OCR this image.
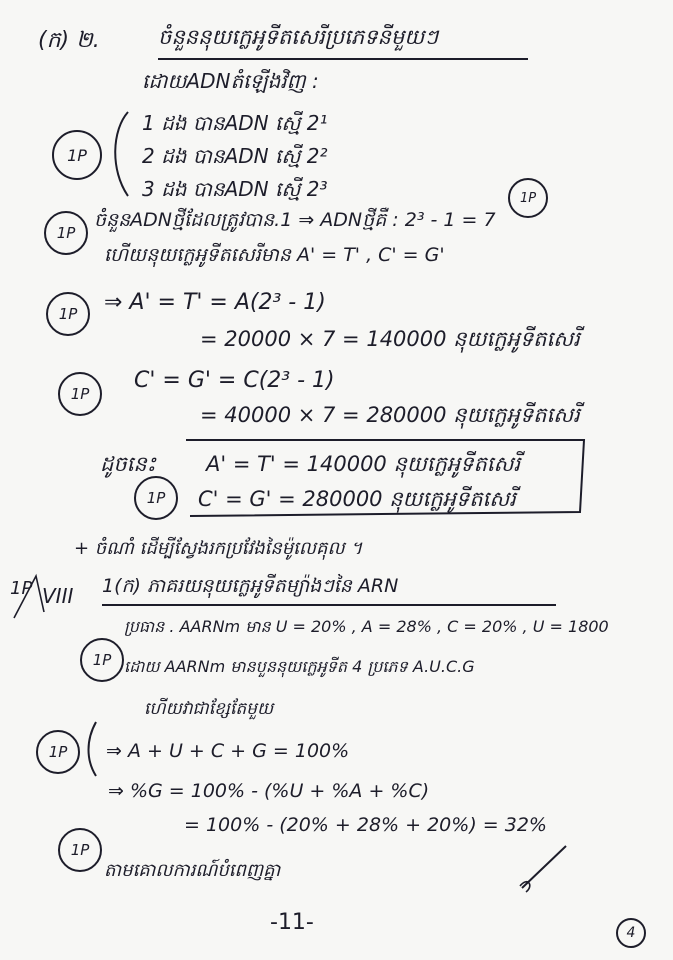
(ក) ២.	ចំនួននុយក្លេអូទីតសេរីប្រភេទនីមួយៗ
ដោយADNតំឡើងវិញ :
1P
1 ដង បានADN ស្មើ 2¹
2 ដង បានADN ស្មើ 2²
3 ដង បានADN ស្មើ 2³
1P
1P
ចំនួនADNថ្មីដែលត្រូវបាន.1 ⇒ ADNថ្មីគឺ : 2³ - 1 = 7
ហើយនុយក្លេអូទីតសេរីមាន A' = T' , C' = G'
1P	⇒ A' = T' = A(2³ - 1)
= 20000 × 7 = 140000 នុយក្លេអូទីតសេរី
1P
C' = G' = C(2³ - 1)
= 40000 × 7 = 280000 នុយក្លេអូទីតសេរី
ដូចនេះ
1P
A' = T' = 140000 នុយក្លេអូទីតសេរី
C' = G' = 280000 នុយក្លេអូទីតសេរី
+ ចំណាំ ដើម្បីស្វែងរកប្រវែងនៃម៉ូលេគុល ។
1P VIII 1(ក) ភាគរយនុយក្លេអូទីតម្យ៉ាងៗនៃ ARN
1P
ប្រធាន . AARNm មាន U = 20% , A = 28% , C = 20% , U = 1800
ដោយ AARNm មានបួននុយក្លេអូទីត 4 ប្រភេទ A.U.C.G
ហើយវាជាខ្សែតែមួយ
1P	⇒ A + U + C + G = 100%
⇒ %G = 100% - (%U + %A + %C)
1P
= 100% - (20% + 28% + 20%) = 32%
តាមគោលការណ៍បំពេញគ្នា
-11-	4
